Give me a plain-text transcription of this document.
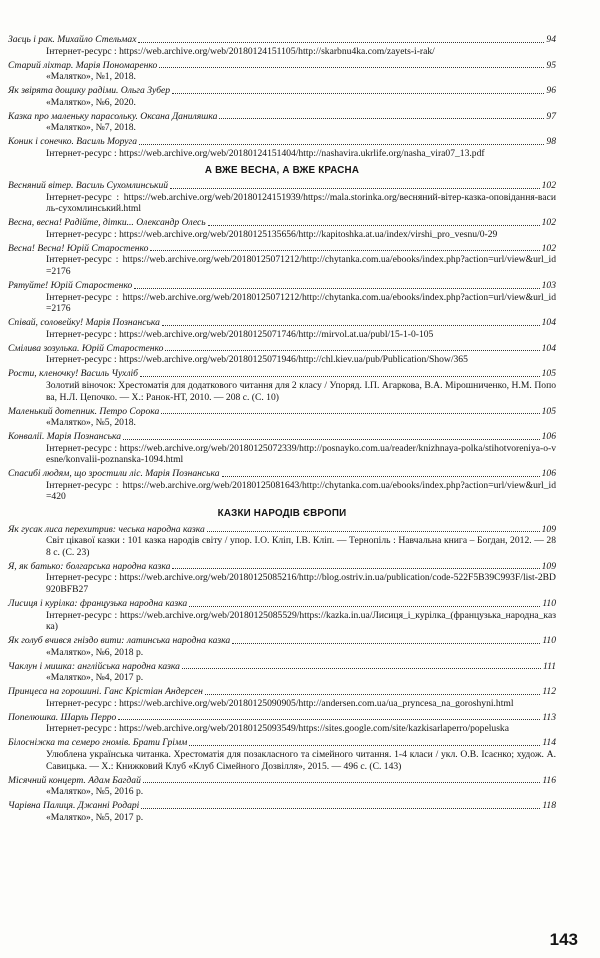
Заєць і рак. Михайло Стельмах	94
Інтернет-ресурс : https://web.archive.org/web/20180124151105/http://skarbnu4ka.com/zayets-i-rak/
Старий ліхтар. Марія Пономаренко	95
«Малятко», №1, 2018.
Як звірята дощику радіми. Ольга Зубер	96
«Малятко», №6, 2020.
Казка про маленьку парасольку. Оксана Даниляшка	97
«Малятко», №7, 2018.
Коник і сонечко. Василь Моруга	98
Інтернет-ресурс : https://web.archive.org/web/20180124151404/http://nashavira.ukrlife.org/nasha_vira07_13.pdf
А ВЖЕ ВЕСНА, А ВЖЕ КРАСНА
Весняний вітер. Василь Сухомлинський	102
Інтернет-ресурс : https://web.archive.org/web/20180124151939/https://mala.storinka.org/весняний-вітер-казка-оповідання-василь-сухомлинський.html
Весна, весна! Радійте, дітки... Олександр Олесь	102
Інтернет-ресурс : https://web.archive.org/web/20180125135656/http://kapitoshka.at.ua/index/virshi_pro_vesnu/0-29
Весна! Весна! Юрій Старостенко	102
Інтернет-ресурс : https://web.archive.org/web/20180125071212/http://chytanka.com.ua/ebooks/index.php?action=url/view&url_id=2176
Рятуйте! Юрій Старостенко	103
Інтернет-ресурс : https://web.archive.org/web/20180125071212/http://chytanka.com.ua/ebooks/index.php?action=url/view&url_id=2176
Співай, соловейку! Марія Познанська	104
Інтернет-ресурс : https://web.archive.org/web/20180125071746/http://mirvol.at.ua/publ/15-1-0-105
Смілива зозулька. Юрій Старостенко	104
Інтернет-ресурс : https://web.archive.org/web/20180125071946/http://chl.kiev.ua/pub/Publication/Show/365
Рости, кленочку! Василь Чухліб	105
Золотий віночок: Хрестоматія для додаткового читання для 2 класу / Упоряд. І.П. Агаркова, В.А. Мірошниченко, Н.М. Попова, Н.Л. Цепочко. — Х.: Ранок-НТ, 2010. — 208 с. (С. 10)
Маленький дотепник. Петро Сорока	105
«Малятко», №5, 2018.
Конвалії. Марія Познанська	106
Інтернет-ресурс : https://web.archive.org/web/20180125072339/http://posnayko.com.ua/reader/knizhnaya-polka/stihotvoreniya-o-vesne/konvalii-poznanska-1094.html
Спасибі людям, що зростили ліс. Марія Познанська	106
Інтернет-ресурс : https://web.archive.org/web/20180125081643/http://chytanka.com.ua/ebooks/index.php?action=url/view&url_id=420
КАЗКИ НАРОДІВ ЄВРОПИ
Як гусак лиса перехитрив: чеська народна казка	109
Світ цікавої казки : 101 казка народів світу / упор. І.О. Кліп, І.В. Кліп. — Тернопіль : Навчальна книга – Богдан, 2012. — 288 с. (С. 23)
Я, як батько: болгарська народна казка	109
Інтернет-ресурс : https://web.archive.org/web/20180125085216/http://blog.ostriv.in.ua/publication/code-522F5B39C993F/list-2BD920BFB27
Лисиця і курілка: французька народна казка	110
Інтернет-ресурс : https://web.archive.org/web/20180125085529/https://kazka.in.ua/Лисиця_і_курілка_(французька_народна_казка)
Як голуб вчився гніздо вити: латинська народна казка	110
«Малятко», №6, 2018 р.
Чаклун і мишка: англійська народна казка	111
«Малятко», №4, 2017 р.
Принцеса на горошині. Ганс Крістіан Андерсен	112
Інтернет-ресурс : https://web.archive.org/web/20180125090905/http://andersen.com.ua/ua_pryncesa_na_goroshyni.html
Попелюшка. Шарль Перро	113
Інтернет-ресурс : https://web.archive.org/web/20180125093549/https://sites.google.com/site/kazkisarlaperro/popeluska
Білосніжка та семеро гномів. Брати Грімм	114
Улюблена українська читанка. Хрестоматія для позакласного та сімейного читання. 1-4 класи / укл. О.В. Ісаєнко; худож. А. Савицька. — Х.: Книжковий Клуб «Клуб Сімейного Дозвілля», 2015. — 496 с. (С. 143)
Місячний концерт. Адам Багдай	116
«Малятко», №5, 2016 р.
Чарівна Палиця. Джанні Родарі	118
«Малятко», №5, 2017 р.
143
